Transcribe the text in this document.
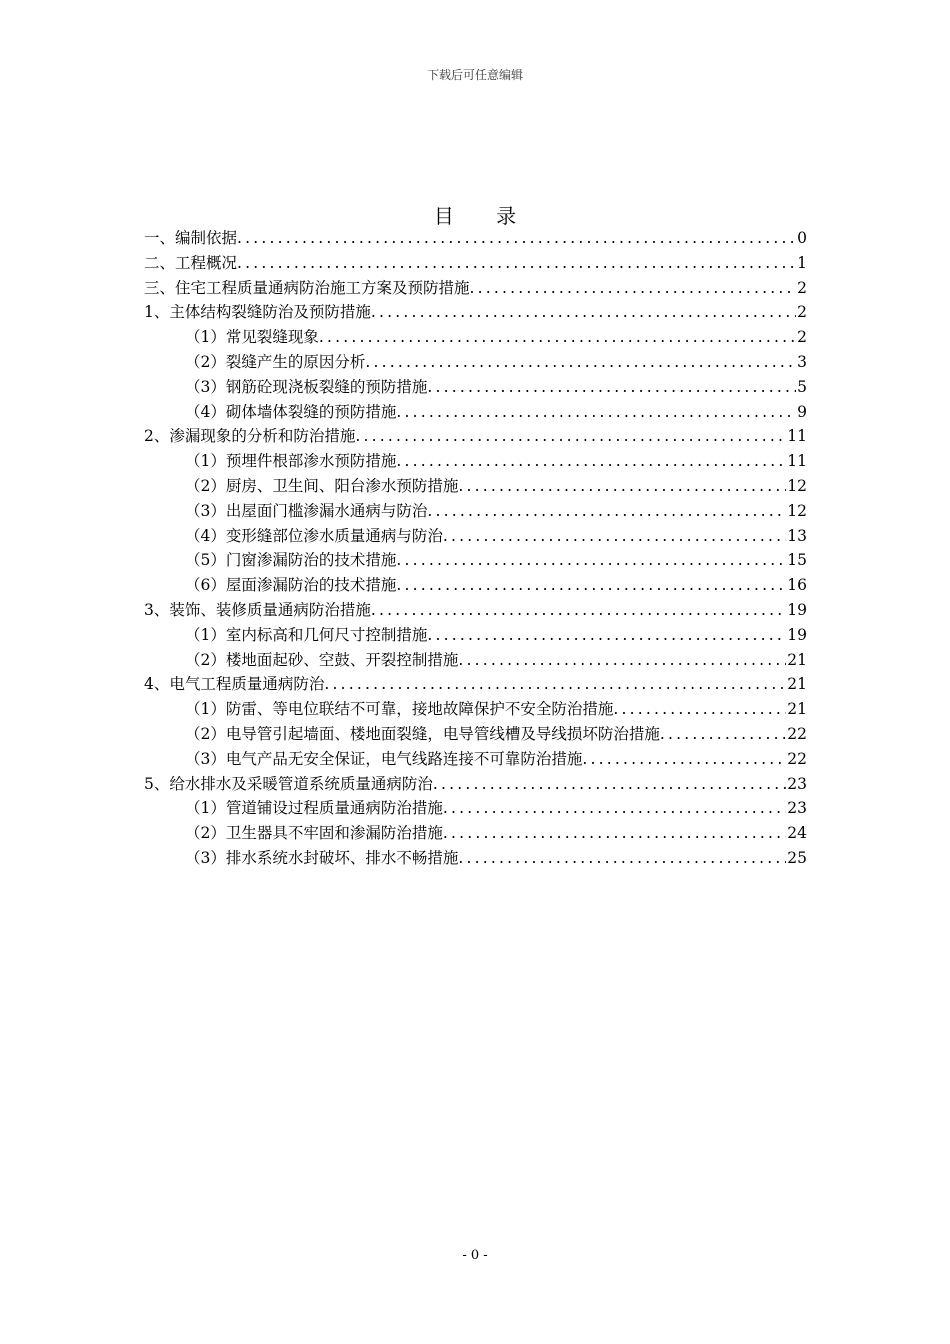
下载后可任意编辑
目 录
一、编制依据 .....	0
二、工程概况 .....	1
三、住宅工程质量通病防治施工方案及预防措施 .....	2
1、主体结构裂缝防治及预防措施 .....	2
（1）常见裂缝现象 .....	2
（2）裂缝产生的原因分析 .....	3
（3）钢筋砼现浇板裂缝的预防措施 .....	5
（4）砌体墙体裂缝的预防措施 .....	9
2、渗漏现象的分析和防治措施 .....	11
（1）预埋件根部渗水预防措施 .....	11
（2）厨房、卫生间、阳台渗水预防措施 .....	12
（3）出屋面门槛渗漏水通病与防治 .....	12
（4）变形缝部位渗水质量通病与防治 .....	13
（5）门窗渗漏防治的技术措施 .....	15
（6）屋面渗漏防治的技术措施 .....	16
3、装饰、装修质量通病防治措施 .....	19
（1）室内标高和几何尺寸控制措施 .....	19
（2）楼地面起砂、空鼓、开裂控制措施 .....	21
4、电气工程质量通病防治 .....	21
（1）防雷、等电位联结不可靠，接地故障保护不安全防治措施 .....	21
（2）电导管引起墙面、楼地面裂缝，电导管线槽及导线损坏防治措施 .....	22
（3）电气产品无安全保证，电气线路连接不可靠防治措施 .....	22
5、给水排水及采暖管道系统质量通病防治 .....	23
（1）管道铺设过程质量通病防治措施 .....	23
（2）卫生器具不牢固和渗漏防治措施 .....	24
（3）排水系统水封破坏、排水不畅措施 .....	25
- 0 -
